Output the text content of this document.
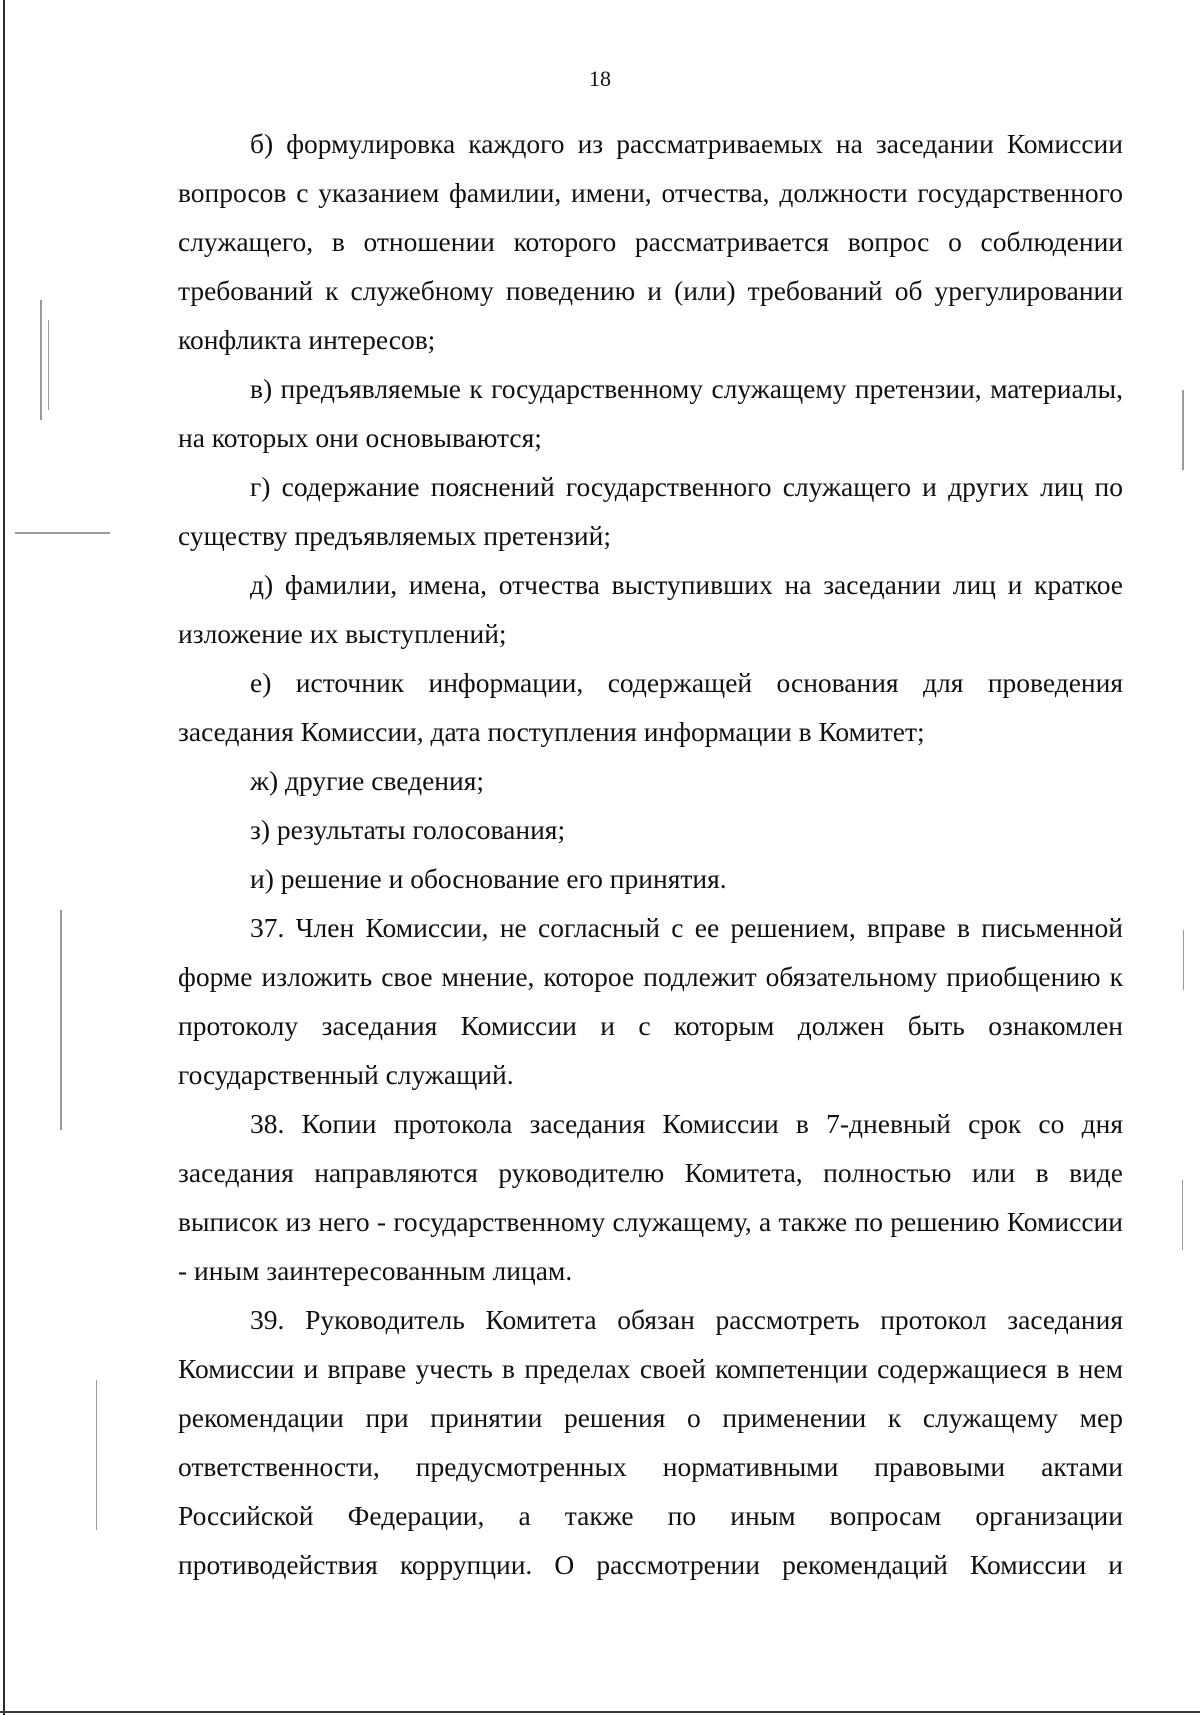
18

б) формулировка каждого из рассматриваемых на заседании Комиссии вопросов с указанием фамилии, имени, отчества, должности государственного служащего, в отношении которого рассматривается вопрос о соблюдении требований к служебному поведению и (или) требований об урегулировании конфликта интересов;

в) предъявляемые к государственному служащему претензии, материалы, на которых они основываются;

г) содержание пояснений государственного служащего и других лиц по существу предъявляемых претензий;

д) фамилии, имена, отчества выступивших на заседании лиц и краткое изложение их выступлений;

е) источник информации, содержащей основания для проведения заседания Комиссии, дата поступления информации в Комитет;

ж) другие сведения;

з) результаты голосования;

и) решение и обоснование его принятия.

37. Член Комиссии, не согласный с ее решением, вправе в письменной форме изложить свое мнение, которое подлежит обязательному приобщению к протоколу заседания Комиссии и с которым должен быть ознакомлен государственный служащий.

38. Копии протокола заседания Комиссии в 7-дневный срок со дня заседания направляются руководителю Комитета, полностью или в виде выписок из него - государственному служащему, а также по решению Комиссии - иным заинтересованным лицам.

39. Руководитель Комитета обязан рассмотреть протокол заседания Комиссии и вправе учесть в пределах своей компетенции содержащиеся в нем рекомендации при принятии решения о применении к служащему мер ответственности, предусмотренных нормативными правовыми актами Российской Федерации, а также по иным вопросам организации противодействия коррупции. О рассмотрении рекомендаций Комиссии и
